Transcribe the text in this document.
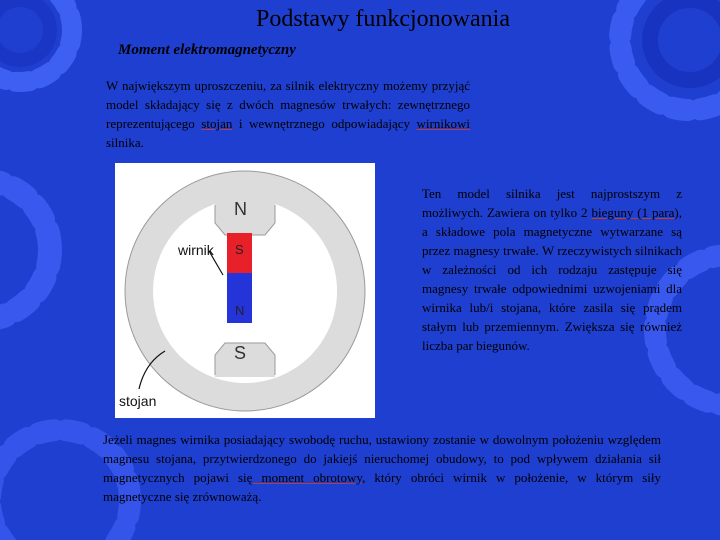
Podstawy funkcjonowania
Moment elektromagnetyczny
W największym uproszczeniu, za silnik elektryczny możemy przyjąć model składający się z dwóch magnesów trwałych: zewnętrznego reprezentującego stojan i wewnętrznego odpowiadający wirnikowi silnika.
N
S
S
N
wirnik
stojan
Ten model silnika jest najprostszym z możliwych. Zawiera on tylko 2 bieguny (1 para), a składowe pola magnetyczne wytwarzane są przez magnesy trwałe. W rzeczywistych silnikach w zależności od ich rodzaju zastępuje się magnesy trwałe odpowiednimi uzwojeniami dla wirnika lub/i stojana, które zasila się prądem stałym lub przemiennym. Zwiększa się również liczba par biegunów.
Jeżeli magnes wirnika posiadający swobodę ruchu, ustawiony zostanie w dowolnym położeniu względem magnesu stojana, przytwierdzonego do jakiejś nieruchomej obudowy, to pod wpływem działania sił magnetycznych pojawi się moment obrotowy, który obróci wirnik w położenie, w którym siły magnetyczne się zrównoważą.
